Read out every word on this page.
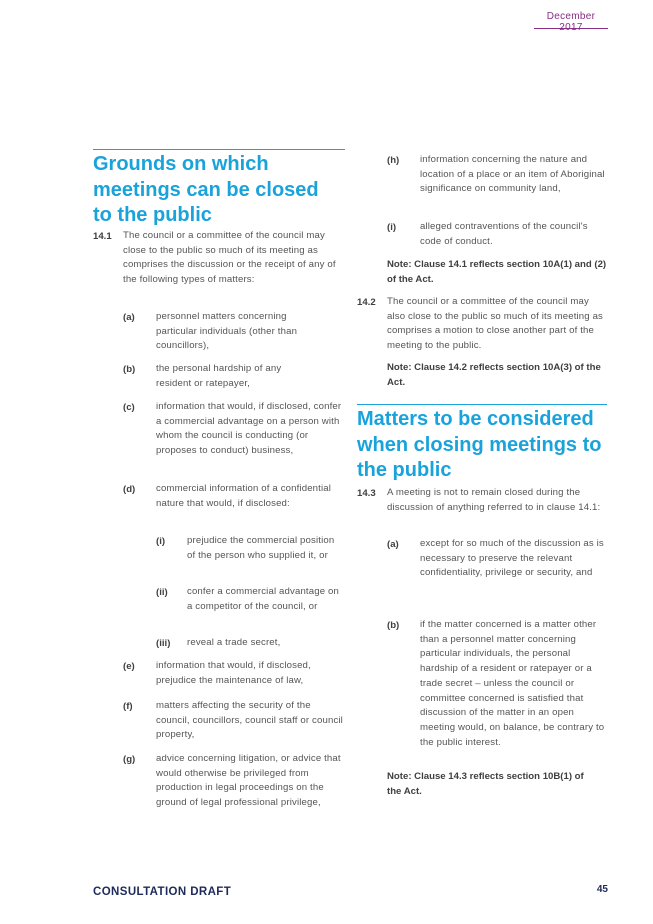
December
Grounds on which meetings can be closed to the public
14.1 The council or a committee of the council may close to the public so much of its meeting as comprises the discussion or the receipt of any of the following types of matters:
(a) personnel matters concerning particular individuals (other than councillors),
(b) the personal hardship of any resident or ratepayer,
(c) information that would, if disclosed, confer a commercial advantage on a person with whom the council is conducting (or proposes to conduct) business,
(d) commercial information of a confidential nature that would, if disclosed:
(i) prejudice the commercial position of the person who supplied it, or
(ii) confer a commercial advantage on a competitor of the council, or
(iii) reveal a trade secret,
(e) information that would, if disclosed, prejudice the maintenance of law,
(f) matters affecting the security of the council, councillors, council staff or council property,
(g) advice concerning litigation, or advice that would otherwise be privileged from production in legal proceedings on the ground of legal professional privilege,
(h) information concerning the nature and location of a place or an item of Aboriginal significance on community land,
(i) alleged contraventions of the council's code of conduct.
Note: Clause 14.1 reflects section 10A(1) and (2) of the Act.
14.2 The council or a committee of the council may also close to the public so much of its meeting as comprises a motion to close another part of the meeting to the public.
Note: Clause 14.2 reflects section 10A(3) of the Act.
Matters to be considered when closing meetings to the public
14.3 A meeting is not to remain closed during the discussion of anything referred to in clause 14.1:
(a) except for so much of the discussion as is necessary to preserve the relevant confidentiality, privilege or security, and
(b) if the matter concerned is a matter other than a personnel matter concerning particular individuals, the personal hardship of a resident or ratepayer or a trade secret – unless the council or committee concerned is satisfied that discussion of the matter in an open meeting would, on balance, be contrary to the public interest.
Note: Clause 14.3 reflects section 10B(1) of the Act.
CONSULTATION DRAFT	45
